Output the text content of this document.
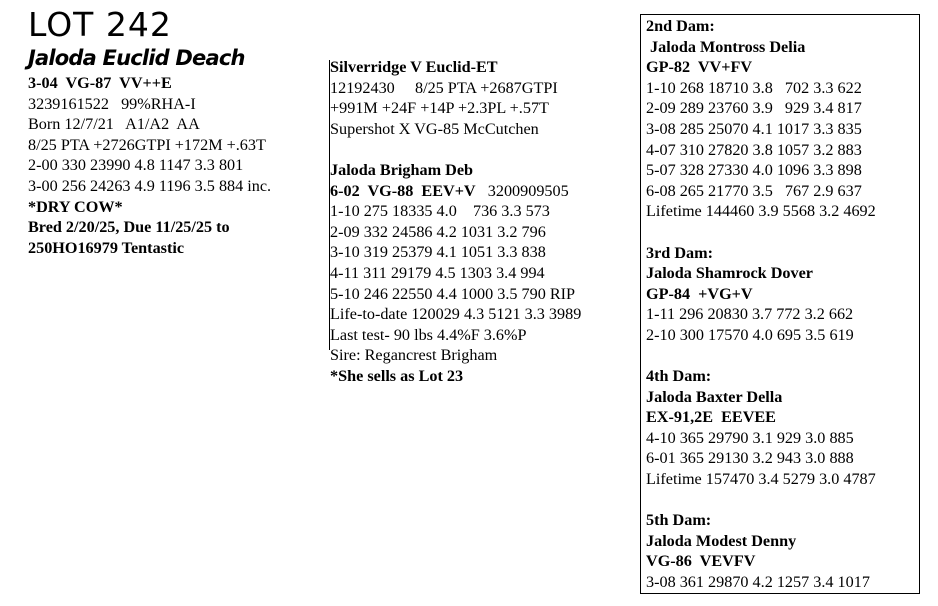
LOT 242
Jaloda Euclid Deach
3-04  VG-87  VV++E
3239161522   99%RHA-I
Born 12/7/21   A1/A2  AA
8/25 PTA +2726GTPI +172M +.63T
2-00 330 23990 4.8 1147 3.3 801
3-00 256 24263 4.9 1196 3.5 884 inc.
*DRY COW*
Bred 2/20/25, Due 11/25/25 to
250HO16979 Tentastic
Silverridge V Euclid-ET
12192430     8/25 PTA +2687GTPI
+991M +24F +14P +2.3PL +.57T
Supershot X VG-85 McCutchen
Jaloda Brigham Deb
6-02  VG-88  EEV+V   3200909505
1-10 275 18335 4.0    736 3.3 573
2-09 332 24586 4.2 1031 3.2 796
3-10 319 25379 4.1 1051 3.3 838
4-11 311 29179 4.5 1303 3.4 994
5-10 246 22550 4.4 1000 3.5 790 RIP
Life-to-date 120029 4.3 5121 3.3 3989
Last test- 90 lbs 4.4%F 3.6%P
Sire: Regancrest Brigham
*She sells as Lot 23
2nd Dam:
Jaloda Montross Delia
GP-82  VV+FV
1-10 268 18710 3.8   702 3.3 622
2-09 289 23760 3.9   929 3.4 817
3-08 285 25070 4.1 1017 3.3 835
4-07 310 27820 3.8 1057 3.2 883
5-07 328 27330 4.0 1096 3.3 898
6-08 265 21770 3.5   767 2.9 637
Lifetime 144460 3.9 5568 3.2 4692
3rd Dam:
Jaloda Shamrock Dover
GP-84  +VG+V
1-11 296 20830 3.7 772 3.2 662
2-10 300 17570 4.0 695 3.5 619
4th Dam:
Jaloda Baxter Della
EX-91,2E  EEVEE
4-10 365 29790 3.1 929 3.0 885
6-01 365 29130 3.2 943 3.0 888
Lifetime 157470 3.4 5279 3.0 4787
5th Dam:
Jaloda Modest Denny
VG-86  VEVFV
3-08 361 29870 4.2 1257 3.4 1017
